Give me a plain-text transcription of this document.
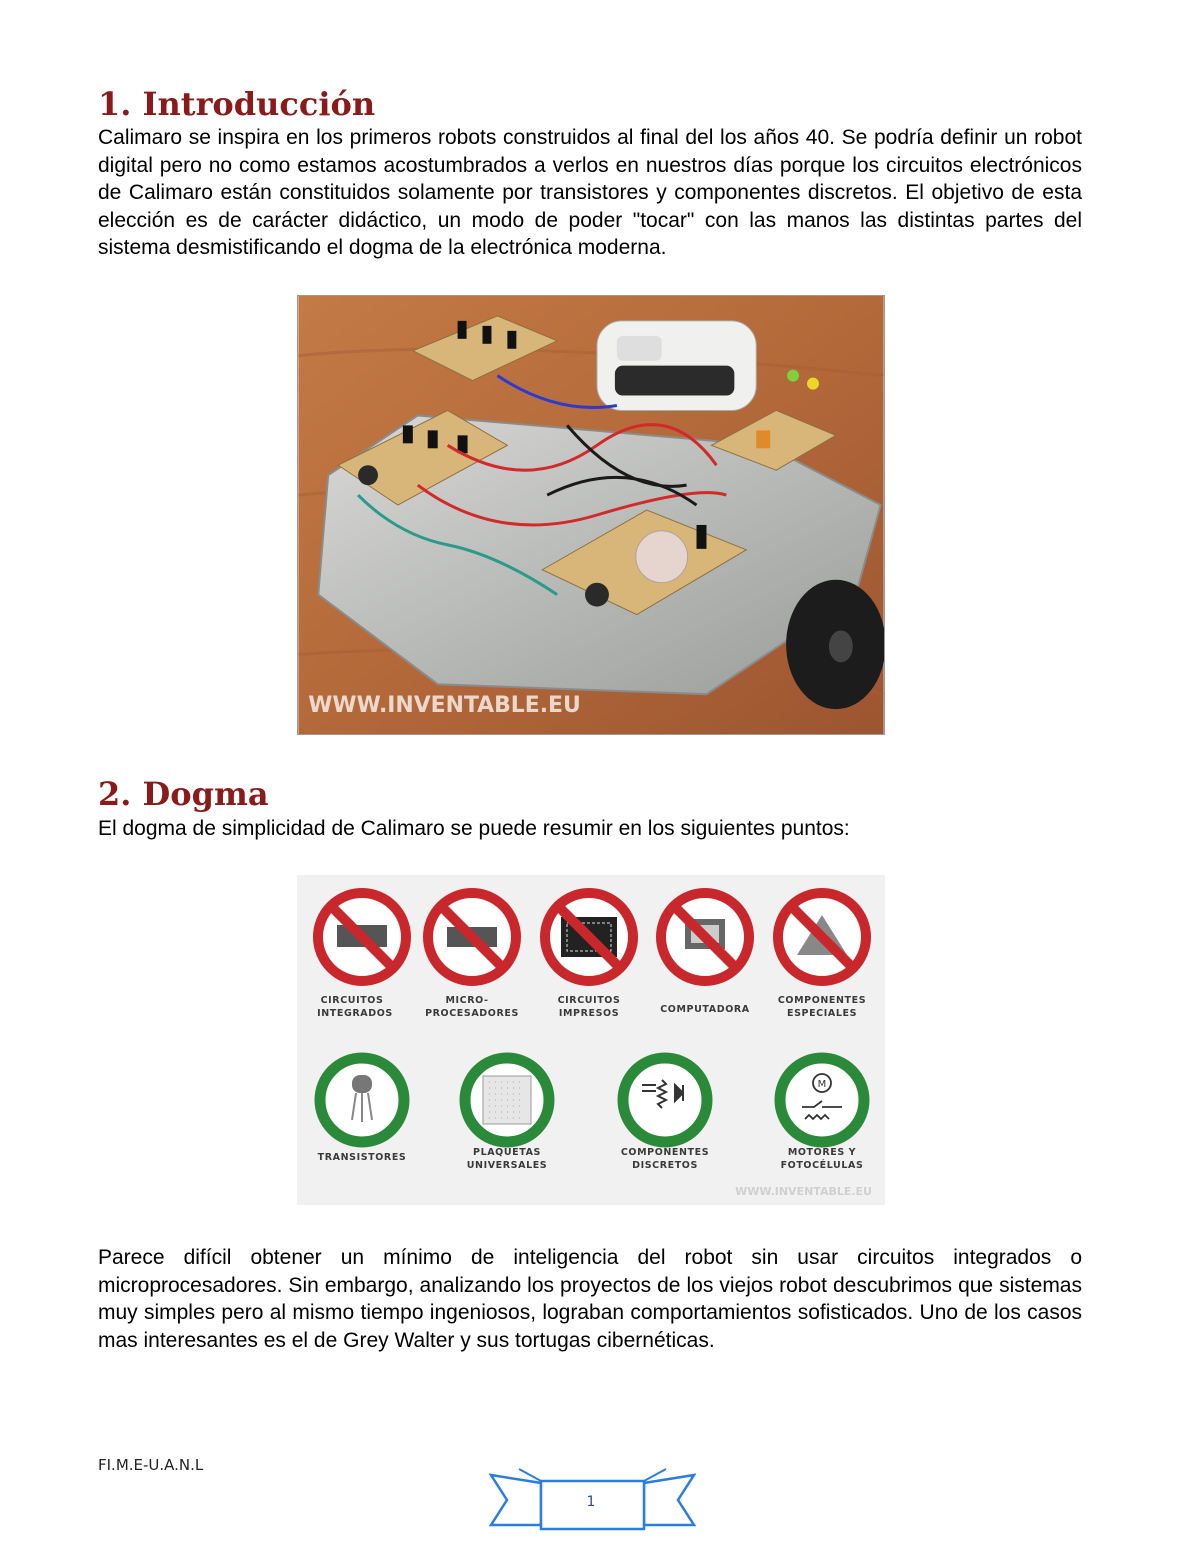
1. Introducción

Calimaro se inspira en los primeros robots construidos al final del los años 40. Se podría definir un robot digital pero no como estamos acostumbrados a verlos en nuestros días porque los circuitos electrónicos de Calimaro están constituidos solamente por transistores y componentes discretos. El objetivo de esta elección es de carácter didáctico, un modo de poder "tocar" con las manos las distintas partes del sistema desmistificando el dogma de la electrónica moderna.

WWW.INVENTABLE.EU
2. Dogma

El dogma de simplicidad de Calimaro se puede resumir en los siguientes puntos:

CIRCUITOS
INTEGRADOS
MICRO-
PROCESADORES
CIRCUITOS
IMPRESOS	COMPUTADORA
COMPONENTES
ESPECIALES
TRANSISTORES	PLAQUETAS
UNIVERSALES
COMPONENTES
DISCRETOS
M
MOTORES Y
FOTOCÉLULAS
WWW.INVENTABLE.EU

Parece difícil obtener un mínimo de inteligencia del robot sin usar circuitos integrados o microprocesadores. Sin embargo, analizando los proyectos de los viejos robot descubrimos que sistemas muy simples pero al mismo tiempo ingeniosos, lograban comportamientos sofisticados. Uno de los casos mas interesantes es el de Grey Walter y sus tortugas cibernéticas.

FI.M.E-U.A.N.L

1
